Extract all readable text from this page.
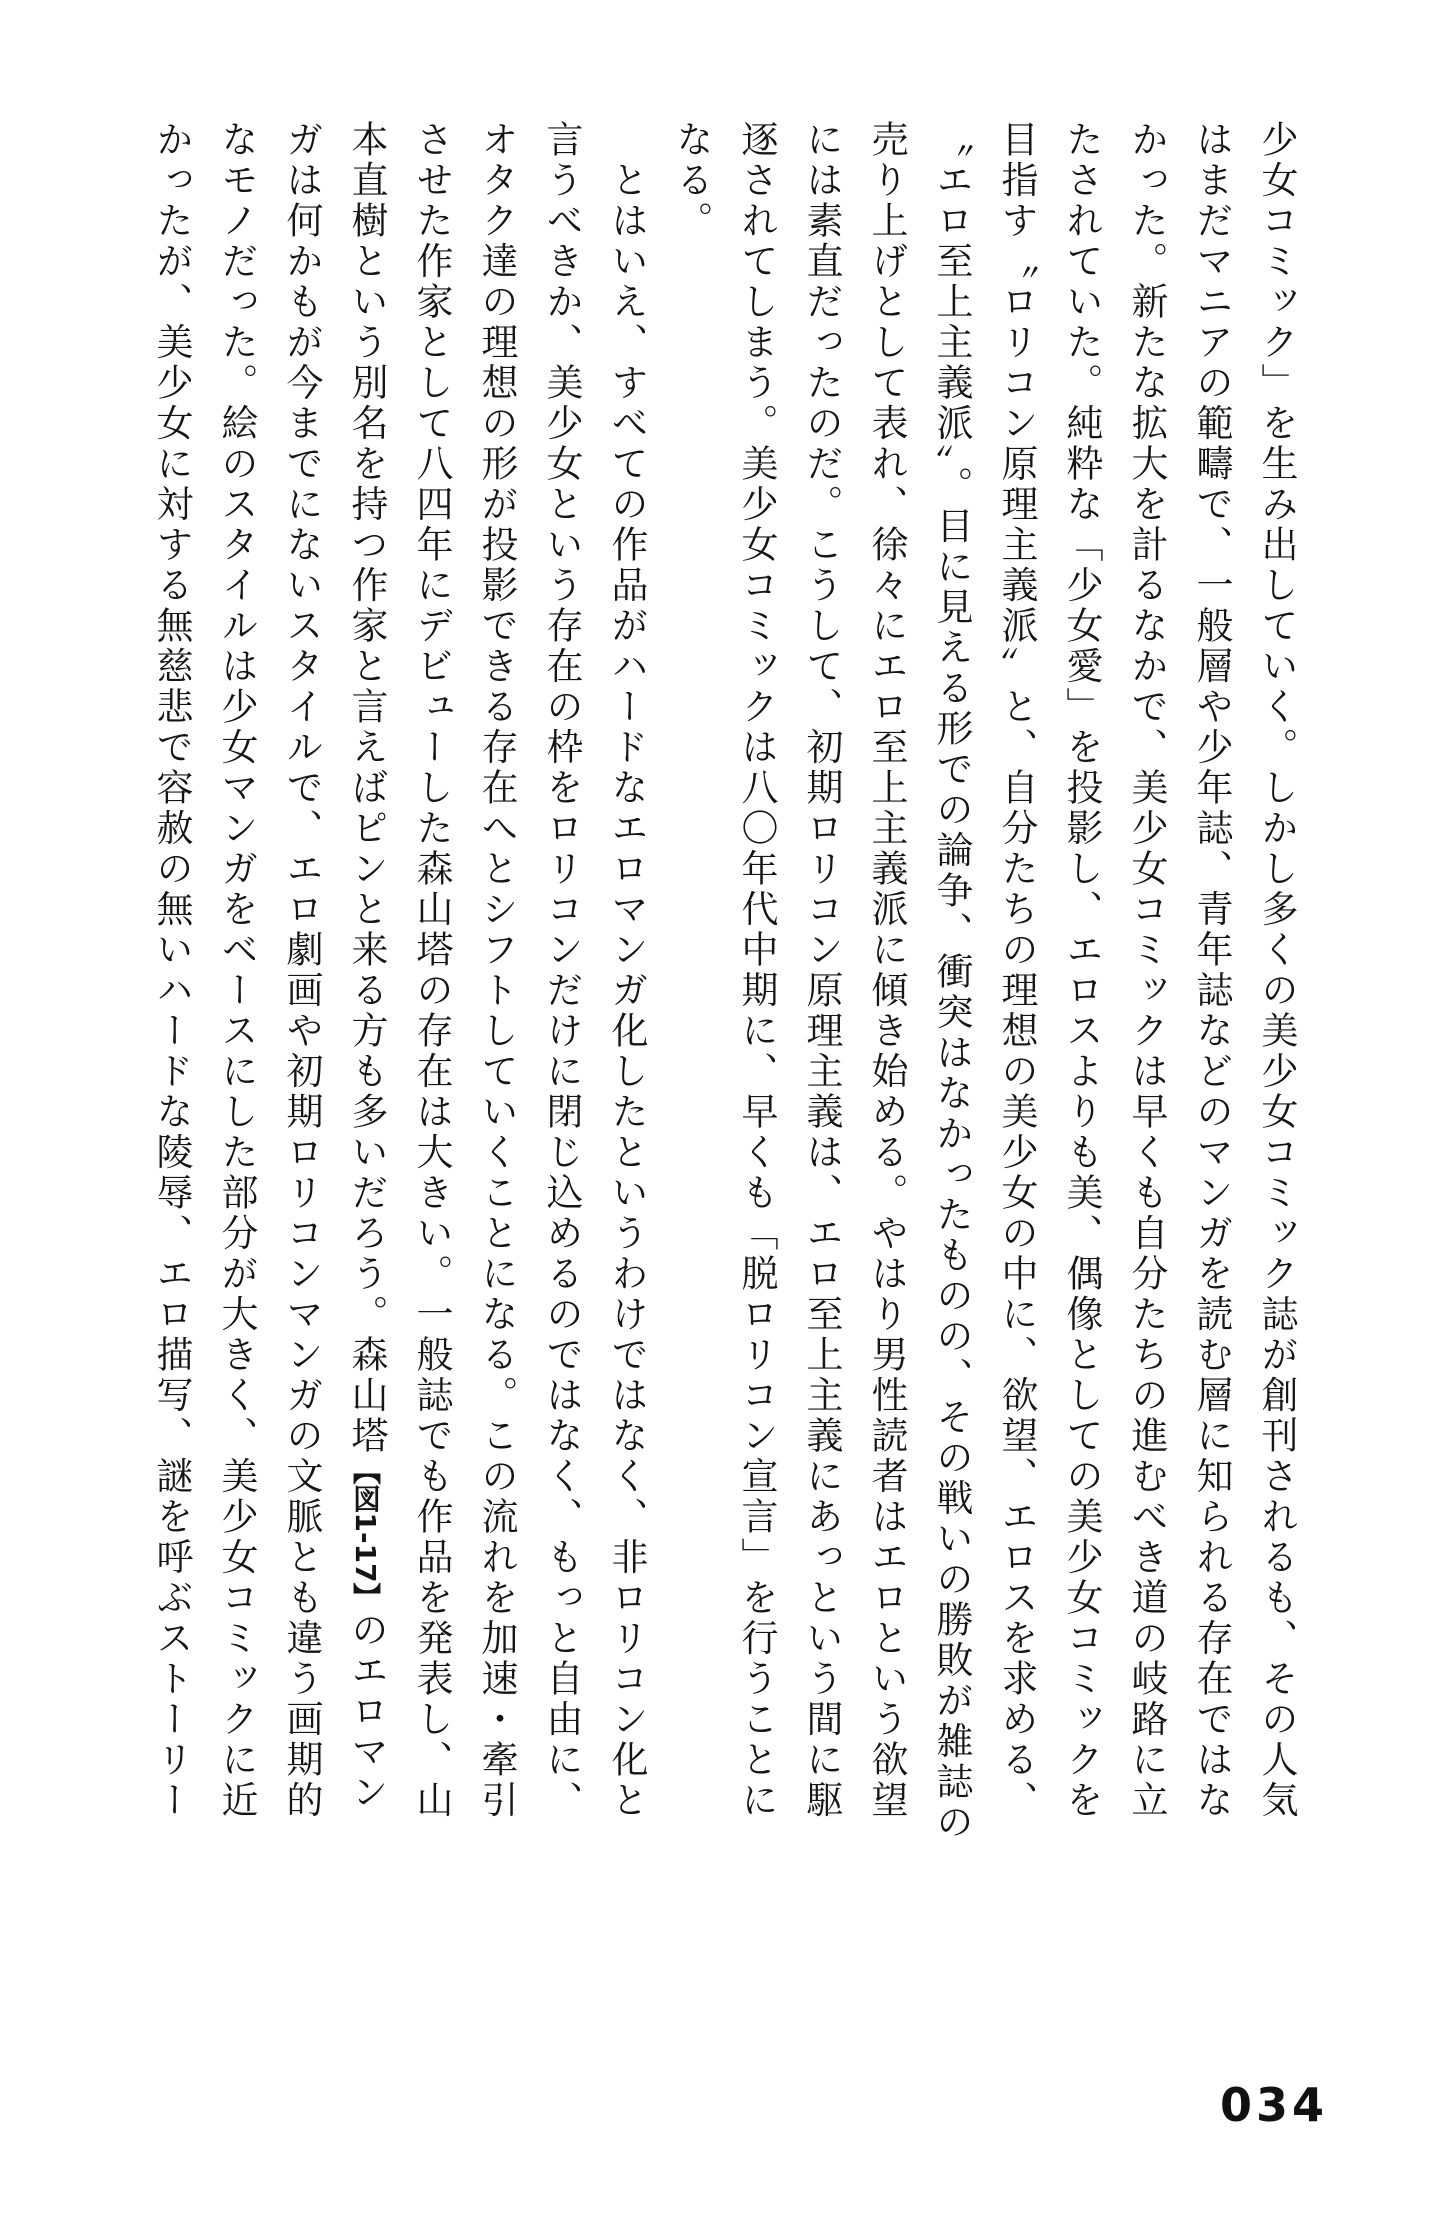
少女コミック」を生み出していく。しかし多くの美少女コミック誌が創刊されるも、その人気

はまだマニアの範疇で、一般層や少年誌、青年誌などのマンガを読む層に知られる存在ではな

かった。新たな拡大を計るなかで、美少女コミックは早くも自分たちの進むべき道の岐路に立

たされていた。純粋な「少女愛」を投影し、エロスよりも美、偶像としての美少女コミックを

目指す〝ロリコン原理主義派〞と、自分たちの理想の美少女の中に、欲望、エロスを求める、

〝エロ至上主義派〞。目に見える形での論争、衝突はなかったものの、その戦いの勝敗が雑誌の

売り上げとして表れ、徐々にエロ至上主義派に傾き始める。やはり男性読者はエロという欲望

には素直だったのだ。こうして、初期ロリコン原理主義は、エロ至上主義にあっという間に駆

逐されてしまう。美少女コミックは八〇年代中期に、早くも「脱ロリコン宣言」を行うことに

なる。

　とはいえ、すべての作品がハードなエロマンガ化したというわけではなく、非ロリコン化と

言うべきか、美少女という存在の枠をロリコンだけに閉じ込めるのではなく、もっと自由に、

オタク達の理想の形が投影できる存在へとシフトしていくことになる。この流れを加速・牽引

させた作家として八四年にデビューした森山塔の存在は大きい。一般誌でも作品を発表し、山

本直樹という別名を持つ作家と言えばピンと来る方も多いだろう。森山塔【図1-17】のエロマン

ガは何かもが今までにないスタイルで、エロ劇画や初期ロリコンマンガの文脈とも違う画期的

なモノだった。絵のスタイルは少女マンガをベースにした部分が大きく、美少女コミックに近

かったが、美少女に対する無慈悲で容赦の無いハードな陵辱、エロ描写、謎を呼ぶストーリー

034
